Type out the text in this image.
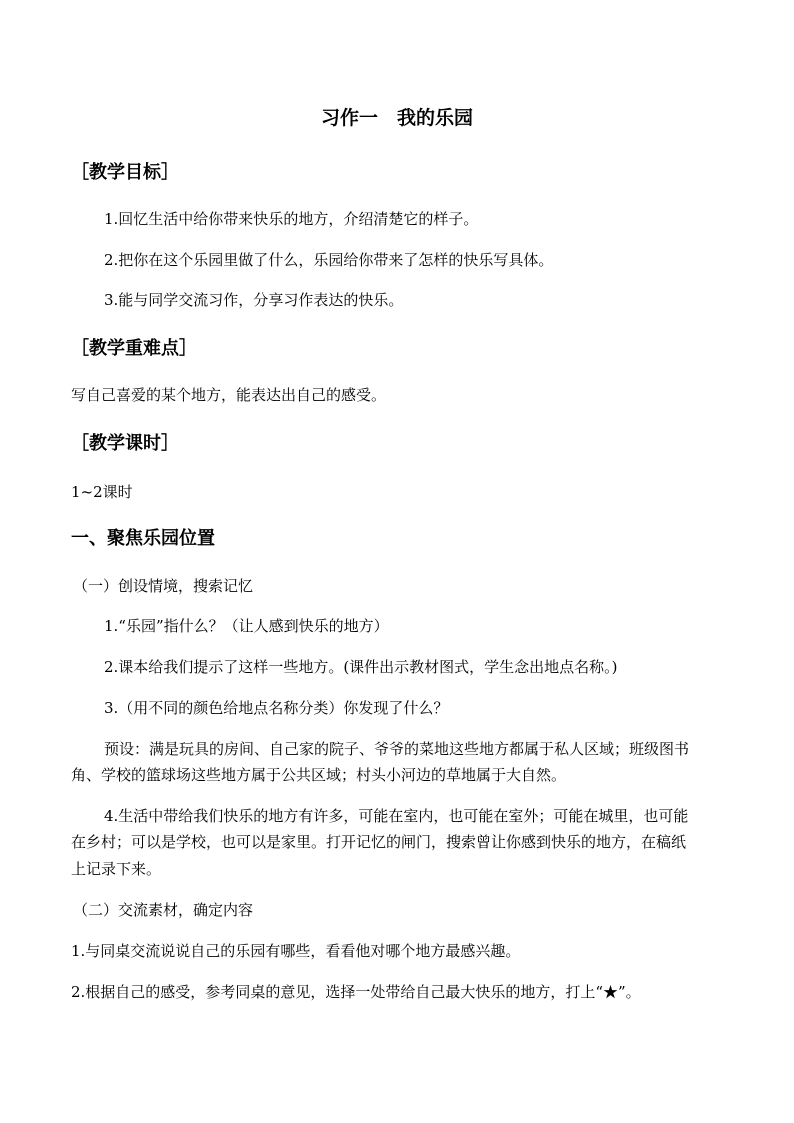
习作一　我的乐园
［教学目标］
1.回忆生活中给你带来快乐的地方，介绍清楚它的样子。
2.把你在这个乐园里做了什么，乐园给你带来了怎样的快乐写具体。
3.能与同学交流习作，分享习作表达的快乐。
［教学重难点］
写自己喜爱的某个地方，能表达出自己的感受。
［教学课时］
1~2课时
一、聚焦乐园位置
（一）创设情境，搜索记忆
1.“乐园”指什么？（让人感到快乐的地方）
2.课本给我们提示了这样一些地方。(课件出示教材图式，学生念出地点名称。)
3.（用不同的颜色给地点名称分类）你发现了什么？
预设：满是玩具的房间、自己家的院子、爷爷的菜地这些地方都属于私人区域；班级图书
角、学校的篮球场这些地方属于公共区域；村头小河边的草地属于大自然。
4.生活中带给我们快乐的地方有许多，可能在室内，也可能在室外；可能在城里，也可能
在乡村；可以是学校，也可以是家里。打开记忆的闸门，搜索曾让你感到快乐的地方，在稿纸
上记录下来。
（二）交流素材，确定内容
1.与同桌交流说说自己的乐园有哪些，看看他对哪个地方最感兴趣。
2.根据自己的感受，参考同桌的意见，选择一处带给自己最大快乐的地方，打上“★”。
